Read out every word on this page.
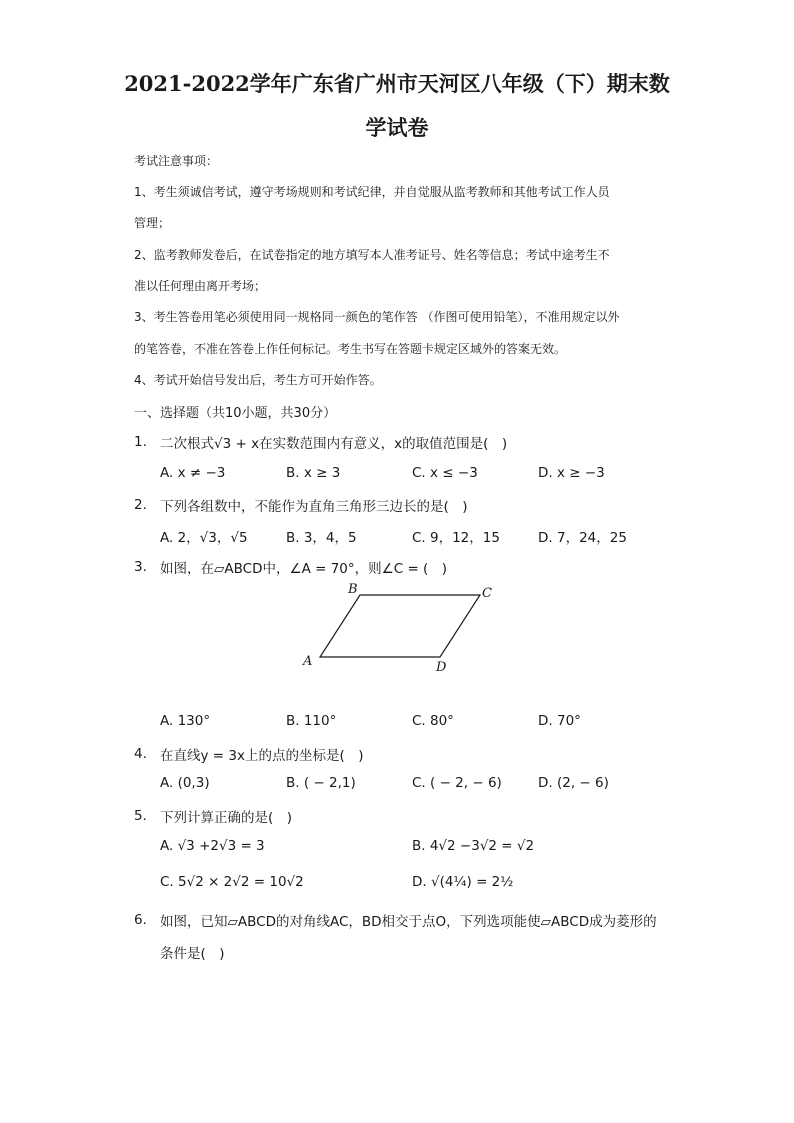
2021-2022学年广东省广州市天河区八年级（下）期末数
学试卷
考试注意事项：
1、考生须诚信考试，遵守考场规则和考试纪律，并自觉服从监考教师和其他考试工作人员
管理；
2、监考教师发卷后，在试卷指定的地方填写本人准考证号、姓名等信息；考试中途考生不
准以任何理由离开考场；
3、考生答卷用笔必须使用同一规格同一颜色的笔作答 （作图可使用铅笔），不准用规定以外
的笔答卷，不准在答卷上作任何标记。考生书写在答题卡规定区域外的答案无效。
4、考试开始信号发出后，考生方可开始作答。
一、选择题（共10小题，共30分）
1. 二次根式√3 + x在实数范围内有意义，x的取值范围是(　)
A. x ≠ −3	B. x ≥ 3	C. x ≤ −3	D. x ≥ −3
2. 下列各组数中，不能作为直角三角形三边长的是(　)
A. 2，√3，√5	B. 3，4，5	C. 9，12，15	D. 7，24，25
3. 如图，在▱ABCD中，∠A = 70°，则∠C = (　)
B	C
A	D
A. 130°	B. 110°	C. 80°	D. 70°
4. 在直线y = 3x上的点的坐标是(　)
A. (0,3)	B. ( − 2,1)	C. ( − 2, − 6)	D. (2, − 6)
5. 下列计算正确的是(　)
A. √3 +2√3 = 3	B. 4√2 −3√2 = √2
C. 5√2 × 2√2 = 10√2	D. √(4¼) = 2½
6. 如图，已知▱ABCD的对角线AC，BD相交于点O，下列选项能使▱ABCD成为菱形的
条件是(　)
